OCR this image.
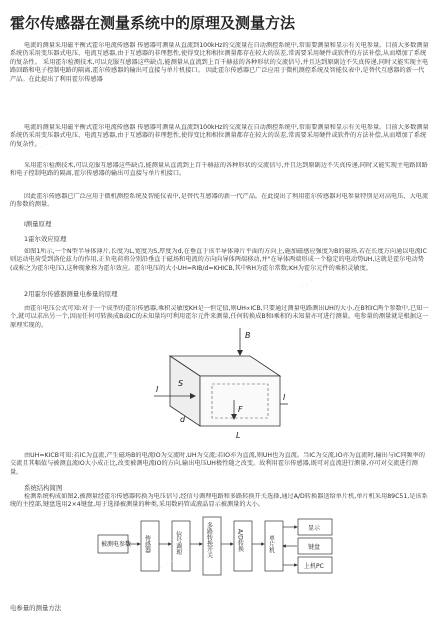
霍尔传感器在测量系统中的原理及测量方法
电流的测量采用磁平衡式霍尔电流传感器 传感器可测量从直流到100kHz的交流量在自动测控系统中,常需要测量和显示有关电参量。目前大多数测量系统仍采用变压器式电压、电流互感器,由于互感器的非理想性,使得变比和相位测量都存在较大的误差,常需要采用硬件或软件的方法补偿,从而增加了系统的复杂性。 采用霍尔检测技术,可以克服互感器这些缺点,能测量从直流到上百千赫兹的各种形状的交流信号,并且达到原副边不失真传递,同时又能实现主电路回路和电子控制电路的隔离,霍尔传感器的输出可直接与单片机接口。 因此霍尔传感器已广泛应用于微机测控系统及智能仪表中,是替代互感器的新一代产品。在此提出了利用霍尔传感器
电流的测量采用磁平衡式霍尔电流传感器 传感器可测量从直流到100kHz的交流量在自动测控系统中,常需要测量和显示有关电参量。目前大多数测量系统仍采用变压器式电压、电流互感器,由于互感器的非理想性,使得变比和相位测量都存在较大的误差,常需要采用硬件或软件的方法补偿,从而增加了系统的复杂性。
采用霍尔检测技术,可以克服互感器这些缺点,能测量从直流到上百千赫兹的各种形状的交流信号,并且达到原副边不失真传递,同时又能实现主电路回路和电子控制电路的隔离,霍尔传感器的输出可直接与单片机接口。
因此霍尔传感器已广泛应用于微机测控系统及智能仪表中,是替代互感器的新一代产品。在此提出了利用霍尔传感器对电参量特别是对高电压、大电流的参数的测量。
l测量原理
1霍尔效应原理
如图1所示,一个N型半导体薄片,长度为L,宽度为S,厚度为d,在垂直于该半导体薄片平面的方向上,施加磁感应强度为B的磁场,若在长度方向通以电流IC则运动电荷受到洛伦兹力的作用,正负电荷将分别沿垂直于磁场和电流的方向向导体两端移动,并"在导体两端形成一个稳定的电动势UH,这就是霍尔电动势(或称之为霍尔电压),这种现象称为霍尔效应。霍尔电压的大小UH=RIB/d=KHICB,其中RH为霍尔常数;KH为霍尔元件的乘积灵敏度。
2用霍尔传感器测量电参量的原理
由霍尔电压公式可知:对于一个成型的霍尔传感器,乘积灵敏度KH是一恒定值,则UH∝ICB,只要通过测量电路测出UH的大小,在B和IC两个参数中,已知一个,就可以求出另一个,因而任何可转换成B或IC的未知量均可利用霍尔元件来测量,任何转换成B和I乘积的未知量亦可进行测量。电参量的测量就是根据这一原理实现的。
I
I
B
F
S
L
d
由UH=KICB可知:若IC为直流,产生磁场B的电流IO为交流时,UH为交流;若IO亦为直流,则UH也为直流。当IC为交流,IO亦为直流时,输出与IC同频率的交流且其幅值与被测直流IO大小成正比,改变被测电流IO的方向,输出电压UH极性随之改变。故利用霍尔传感器,既可对直流进行测量,亦可对交流进行测量。
系统结构简图
检测系统构成如图2,被测量经霍尔传感器转换为电压信号,经信号调理电路和多路转换开关选择,通过A/D转换器送给单片机,单片机采用89C51,是该系统的主控部,键盘选用2×4键盘,用于选择被测量的种类,采用数码管或液晶显示被测量的大小。
被测电参数 传感器	信号调理	多路转换开关	A/D转换	单片机
显示
键盘
上机PC
电参量的测量方法
· · ·
· · ·
· · ·
